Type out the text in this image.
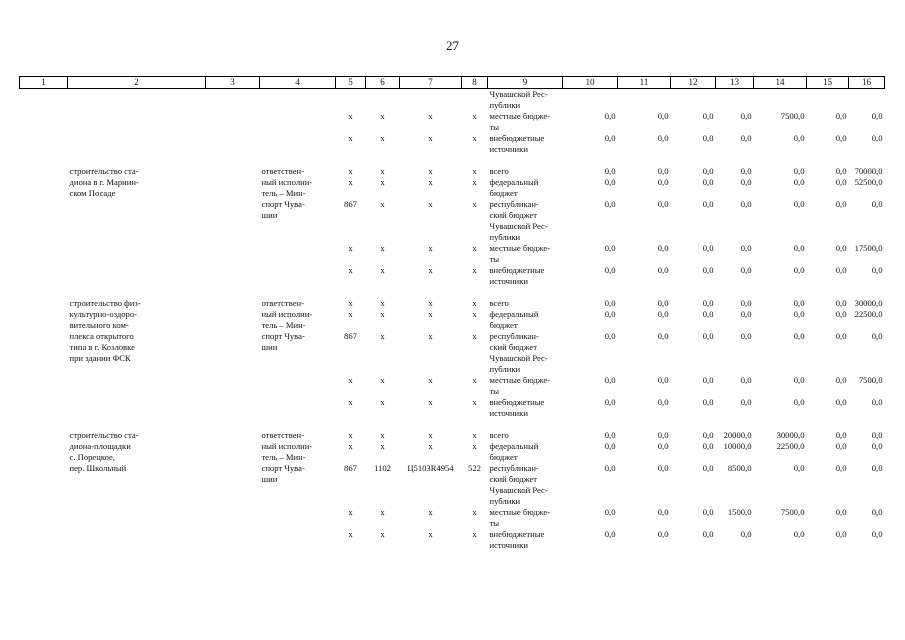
27
1	2	3	4	5	6	7	8	9	10	11	12	13	14	15	16
								Чувашской Рес-							
								публики							
				x	x	x	x	местные бюдже-	0,0	0,0	0,0	0,0	7500,0	0,0	0,0
								ты							
				x	x	x	x	внебюджетные	0,0	0,0	0,0	0,0	0,0	0,0	0,0
								источники							

	строительство ста-		ответствен-	x	x	x	x	всего	0,0	0,0	0,0	0,0	0,0	0,0	70000,0
	диона в г. Мариин-		ный исполни-	x	x	x	x	федеральный	0,0	0,0	0,0	0,0	0,0	0,0	52500,0
	ском Посаде		тель – Мин-					бюджет							
			спорт Чува-	867	x	x	x	республикан-	0,0	0,0	0,0	0,0	0,0	0,0	0,0
			шии					ский бюджет							
								Чувашской Рес-							
								публики							
				x	x	x	x	местные бюдже-	0,0	0,0	0,0	0,0	0,0	0,0	17500,0
								ты							
				x	x	x	x	внебюджетные	0,0	0,0	0,0	0,0	0,0	0,0	0,0
								источники							

	строительство физ-		ответствен-	x	x	x	x	всего	0,0	0,0	0,0	0,0	0,0	0,0	30000,0
	культурно-оздоро-		ный исполни-	x	x	x	x	федеральный	0,0	0,0	0,0	0,0	0,0	0,0	22500,0
	вительного ком-		тель – Мин-					бюджет							
	плекса открытого		спорт Чува-	867	x	x	x	республикан-	0,0	0,0	0,0	0,0	0,0	0,0	0,0
	типа в г. Козловке		шии					ский бюджет							
	при здании ФСК							Чувашской Рес-							
								публики							
				x	x	x	x	местные бюдже-	0,0	0,0	0,0	0,0	0,0	0,0	7500,0
								ты							
				x	x	x	x	внебюджетные	0,0	0,0	0,0	0,0	0,0	0,0	0,0
								источники							

	строительство ста-		ответствен-	x	x	x	x	всего	0,0	0,0	0,0	20000,0	30000,0	0,0	0,0
	диона-площадки		ный исполни-	x	x	x	x	федеральный	0,0	0,0	0,0	10000,0	22500,0	0,0	0,0
	с. Порецкое,		тель – Мин-					бюджет							
	пер. Школьный		спорт Чува-	867	1102	Ц5103R4954	522	республикан-	0,0	0,0	0,0	8500,0	0,0	0,0	0,0
			шии					ский бюджет							
								Чувашской Рес-							
								публики							
				x	x	x	x	местные бюдже-	0,0	0,0	0,0	1500,0	7500,0	0,0	0,0
								ты							
				x	x	x	x	внебюджетные	0,0	0,0	0,0	0,0	0,0	0,0	0,0
								источники							
